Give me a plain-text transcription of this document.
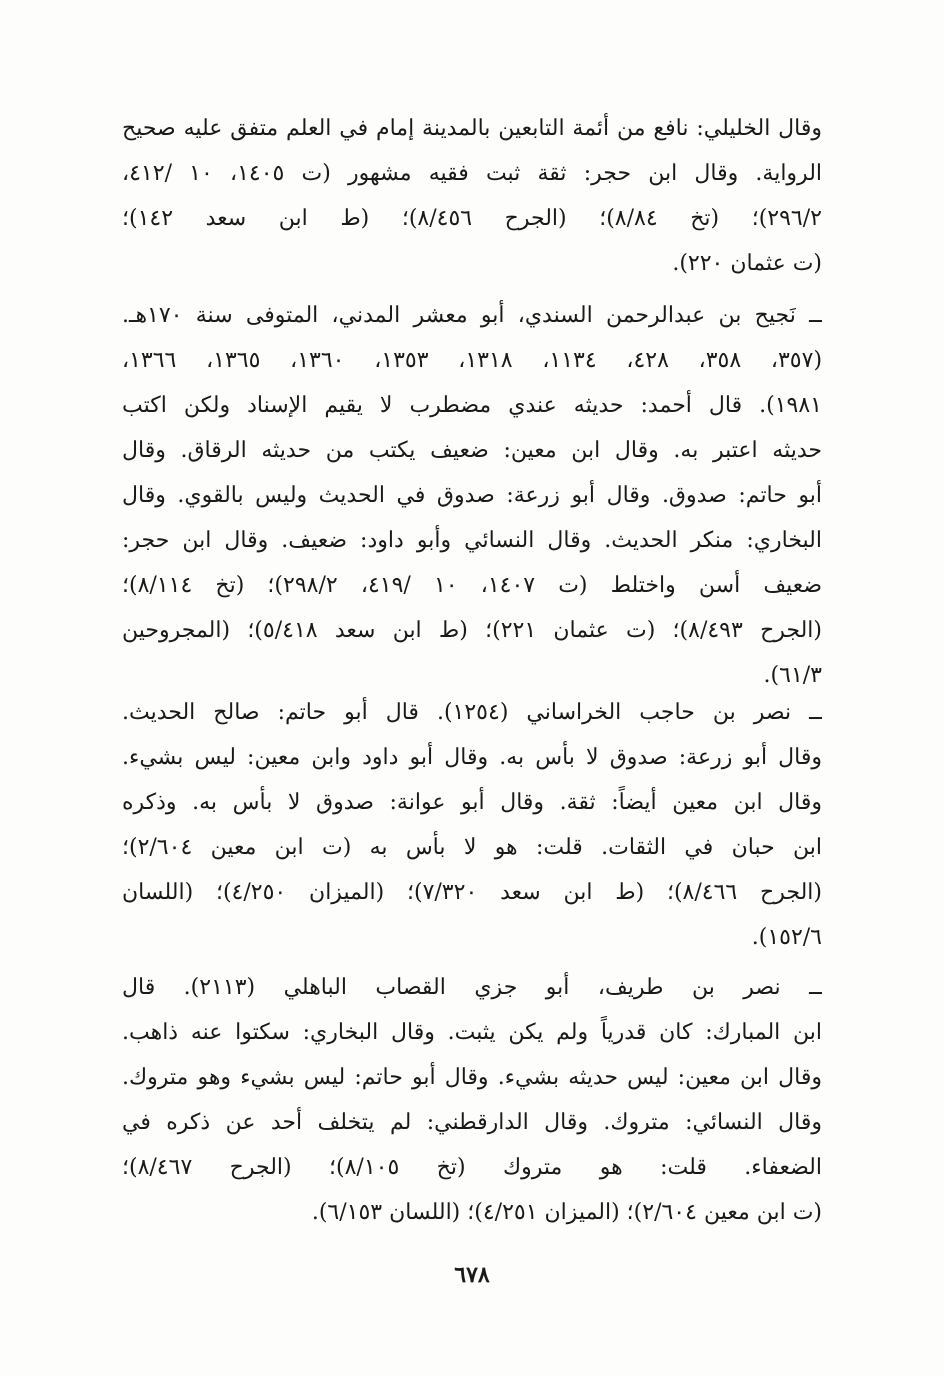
وقال الخليلي: نافع من أئمة التابعين بالمدينة إمام في العلم متفق عليه صحيح
الرواية. وقال ابن حجر: ثقة ثبت فقيه مشهور (ت ١٤٠٥، ١٠ /٤١٢،
٢٩٦/٢)؛ (تخ ٨/٨٤)؛ (الجرح ٨/٤٥٦)؛ (ط ابن سعد ١٤٢)؛
(ت عثمان ٢٢٠).
ــ نَجيح بن عبدالرحمن السندي، أبو معشر المدني، المتوفى سنة ١٧٠هـ.
(٣٥٧، ٣٥٨، ٤٢٨، ١١٣٤، ١٣١٨، ١٣٥٣، ١٣٦٠، ١٣٦٥، ١٣٦٦،
١٩٨١). قال أحمد: حديثه عندي مضطرب لا يقيم الإسناد ولكن اكتب
حديثه اعتبر به. وقال ابن معين: ضعيف يكتب من حديثه الرقاق. وقال
أبو حاتم: صدوق. وقال أبو زرعة: صدوق في الحديث وليس بالقوي. وقال
البخاري: منكر الحديث. وقال النسائي وأبو داود: ضعيف. وقال ابن حجر:
ضعيف أسن واختلط (ت ١٤٠٧، ١٠ /٤١٩، ٢٩٨/٢)؛ (تخ ٨/١١٤)؛
(الجرح ٨/٤٩٣)؛ (ت عثمان ٢٢١)؛ (ط ابن سعد ٥/٤١٨)؛ (المجروحين
٦١/٣).
ــ نصر بن حاجب الخراساني (١٢٥٤). قال أبو حاتم: صالح الحديث.
وقال أبو زرعة: صدوق لا بأس به. وقال أبو داود وابن معين: ليس بشيء.
وقال ابن معين أيضاً: ثقة. وقال أبو عوانة: صدوق لا بأس به. وذكره
ابن حبان في الثقات. قلت: هو لا بأس به (ت ابن معين ٢/٦٠٤)؛
(الجرح ٨/٤٦٦)؛ (ط ابن سعد ٧/٣٢٠)؛ (الميزان ٤/٢٥٠)؛ (اللسان
١٥٢/٦).
ــ نصر بن طريف، أبو جزي القصاب الباهلي (٢١١٣). قال
ابن المبارك: كان قدرياً ولم يكن يثبت. وقال البخاري: سكتوا عنه ذاهب.
وقال ابن معين: ليس حديثه بشيء. وقال أبو حاتم: ليس بشيء وهو متروك.
وقال النسائي: متروك. وقال الدارقطني: لم يتخلف أحد عن ذكره في
الضعفاء. قلت: هو متروك (تخ ٨/١٠٥)؛ (الجرح ٨/٤٦٧)؛
(ت ابن معين ٢/٦٠٤)؛ (الميزان ٤/٢٥١)؛ (اللسان ٦/١٥٣).
٦٧٨
